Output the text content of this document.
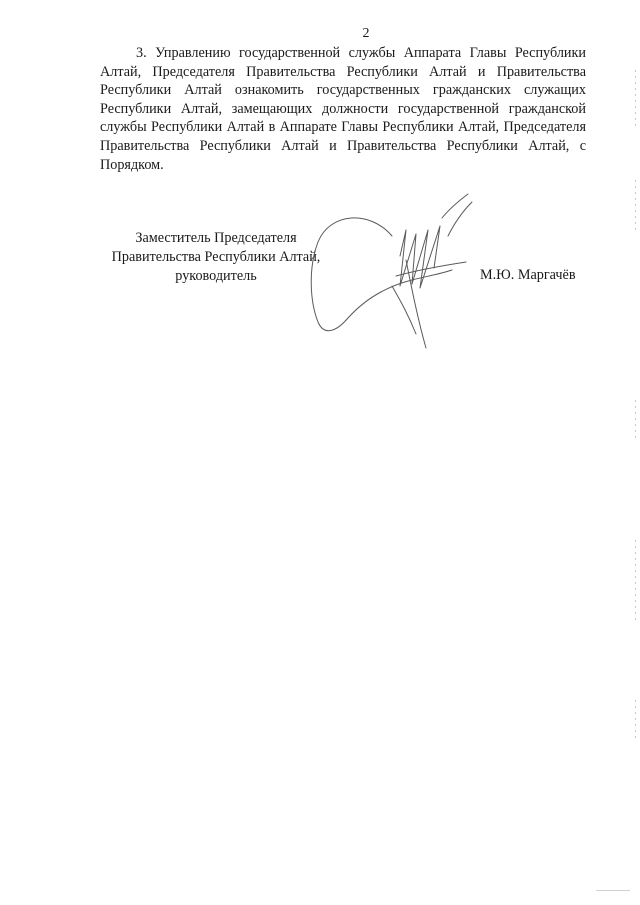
2

3. Управлению государственной службы Аппарата Главы Республики Алтай, Председателя Правительства Республики Алтай и Правительства Республики Алтай ознакомить государственных гражданских служащих Республики Алтай, замещающих должности государственной гражданской службы Республики Алтай в Аппарате Главы Республики Алтай, Председателя Правительства Республики Алтай и Правительства Республики Алтай, с Порядком.

Заместитель Председателя
Правительства Республики Алтай,
руководитель	М.Ю. Маргачёв
